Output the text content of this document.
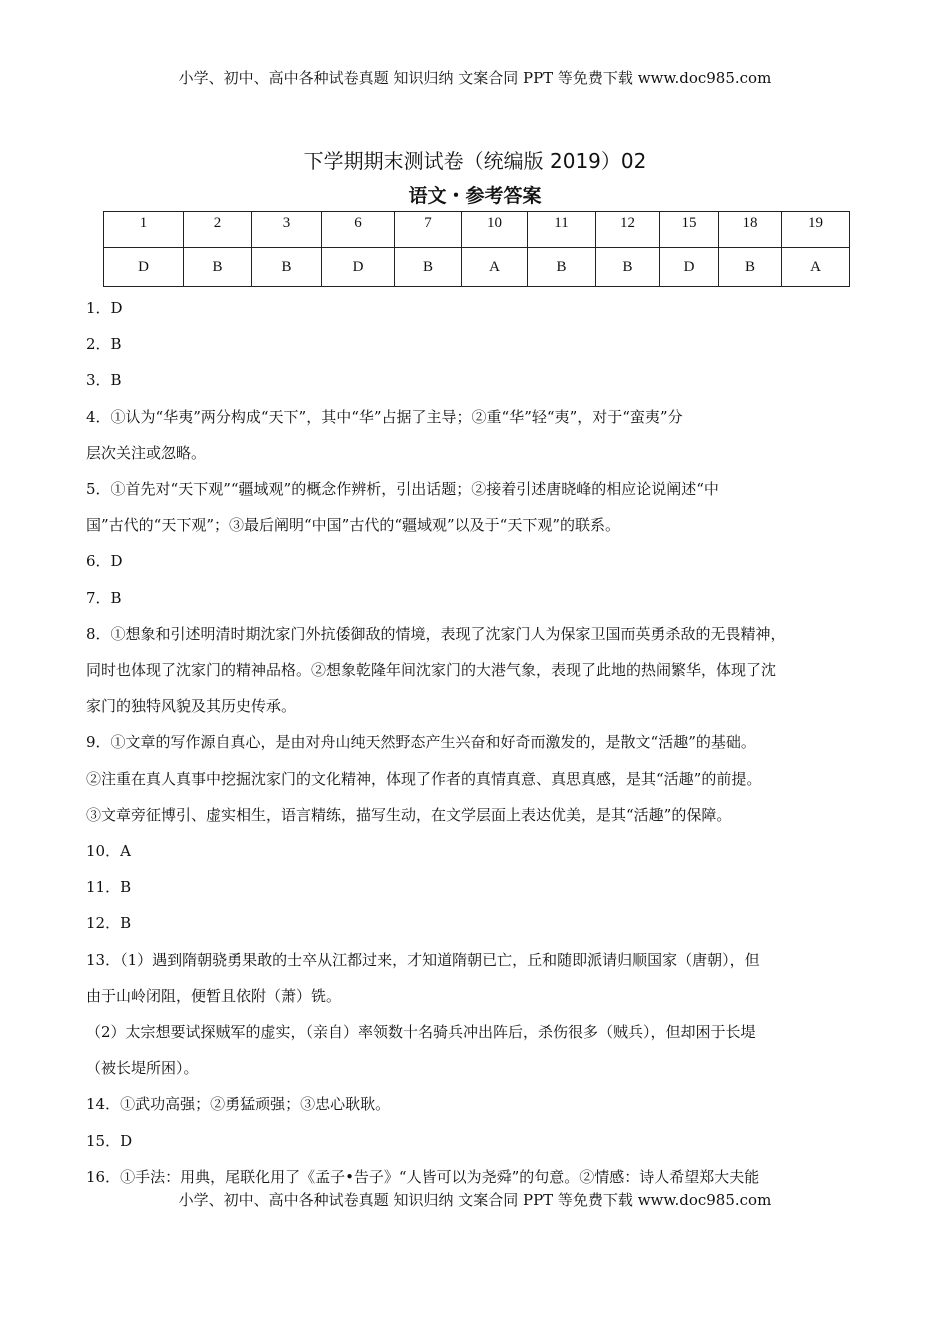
小学、初中、高中各种试卷真题 知识归纳 文案合同 PPT 等免费下载 www.doc985.com
下学期期末测试卷（统编版 2019）02
语文・参考答案
1	2	3	6	7	10	11	12	15	18	19
D	B	B	D	B	A	B	B	D	B	A

1．D

2．B

3．B

4．①认为“华夷”两分构成“天下”，其中“华”占据了主导；②重“华”轻“夷”，对于“蛮夷”分

层次关注或忽略。

5．①首先对“天下观”“疆域观”的概念作辨析，引出话题；②接着引述唐晓峰的相应论说阐述“中

国”古代的“天下观”；③最后阐明“中国”古代的“疆域观”以及于“天下观”的联系。

6．D

7．B

8．①想象和引述明清时期沈家门外抗倭御敌的情境，表现了沈家门人为保家卫国而英勇杀敌的无畏精神，

同时也体现了沈家门的精神品格。②想象乾隆年间沈家门的大港气象，表现了此地的热闹繁华，体现了沈

家门的独特风貌及其历史传承。

9．①文章的写作源自真心，是由对舟山纯天然野态产生兴奋和好奇而激发的，是散文“活趣”的基础。

②注重在真人真事中挖掘沈家门的文化精神，体现了作者的真情真意、真思真感，是其“活趣”的前提。

③文章旁征博引、虚实相生，语言精练，描写生动，在文学层面上表达优美，是其“活趣”的保障。

10．A

11．B

12．B

13．（1）遇到隋朝骁勇果敢的士卒从江都过来，才知道隋朝已亡，丘和随即派请归顺国家（唐朝），但

由于山岭闭阻，便暂且依附（萧）铣。

（2）太宗想要试探贼军的虚实，（亲自）率领数十名骑兵冲出阵后，杀伤很多（贼兵），但却困于长堤

（被长堤所困）。

14．①武功高强；②勇猛顽强；③忠心耿耿。

15．D

16．①手法：用典，尾联化用了《孟子•告子》“人皆可以为尧舜”的句意。②情感：诗人希望郑大夫能

小学、初中、高中各种试卷真题 知识归纳 文案合同 PPT 等免费下载 www.doc985.com
